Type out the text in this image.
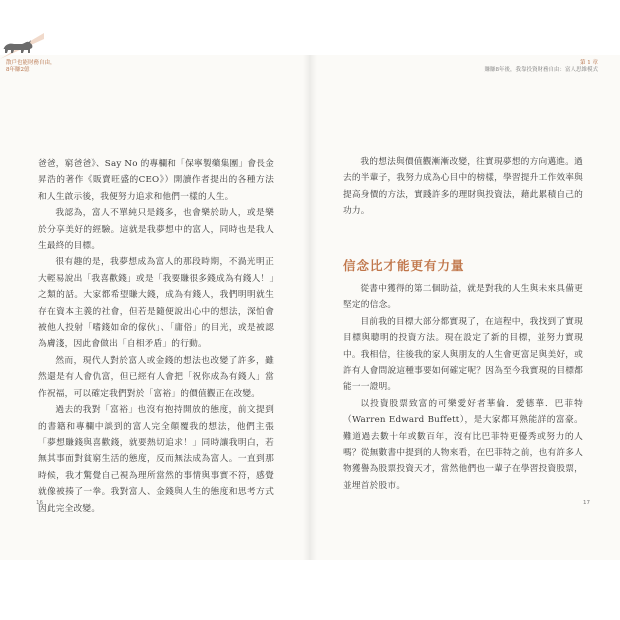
散戶也能財務自由，
8年賺2億
第 1 章
賺賺8年後，我靠投資財務自由：富人思維模式

爸爸，窮爸爸》、Say No 的專欄和「保寧製藥集團」會長金昇浩的著作《販賣旺盛的CEO》）開讀作者提出的各種方法和人生啟示後，我便努力追求和他們一樣的人生。

我認為，富人不單純只是錢多，也會樂於助人，或是樂於分享美好的經驗。這就是我夢想中的富人，同時也是我人生最終的目標。

很有趣的是，我夢想成為富人的那段時期，不渦光明正大輕易說出「我喜歡錢」或是「我要賺很多錢成為有錢人！」之類的話。大家都希望賺大錢，成為有錢人，我們明明就生存在資本主義的社會，但若是隨便說出心中的想法，深怕會被他人投射「嗜錢如命的傢伙」、「庸俗」的目光，或是被認為膚淺，因此會做出「自相矛盾」的行動。

然而，現代人對於富人或金錢的想法也改變了許多，雖然還是有人會仇富，但已經有人會把「祝你成為有錢人」當作祝福，可以確定我們對於「富裕」的價值觀正在改變。

過去的我對「富裕」也沒有抱持開放的態度，前文提到的書籍和專欄中談到的富人完全顛覆我的想法，他們主張「夢想賺錢與喜歡錢，就要熱切追求！」同時讓我明白，若無其事面對貧窮生活的態度，反而無法成為富人。一直到那時候，我才驚覺自己視為理所當然的事情與事實不符，感覺就像被揍了一拳。我對富人、金錢與人生的態度和思考方式因此完全改變。

我的想法與價值觀漸漸改變，往實現夢想的方向邁進。過去的半輩子，我努力成為心目中的榜樣，學習提升工作效率與提高身價的方法，實踐許多的理財與投資法，藉此累積自己的功力。

信念比才能更有力量

從書中獲得的第二個助益，就是對我的人生與未來具備更堅定的信念。

目前我的目標大部分都實現了，在這程中，我找到了實現目標與聰明的投資方法。現在設定了新的目標，並努力實現中。我相信，往後我的家人與朋友的人生會更富足與美好，或許有人會問說這種事要如何確定呢？因為至今我實現的目標都能一一證明。

以投資股票致富的可樂愛好者華倫．愛德華．巴菲特（Warren Edward Buffett），是大家都耳熟能詳的富豪。難道過去數十年或數百年，沒有比巴菲特更優秀或努力的人嗎？從無數書中提到的人物來看，在巴菲特之前，也有許多人物獲譽為股票投資天才，當然他們也一輩子在學習投資股票，並埋首於股市。

16	17
